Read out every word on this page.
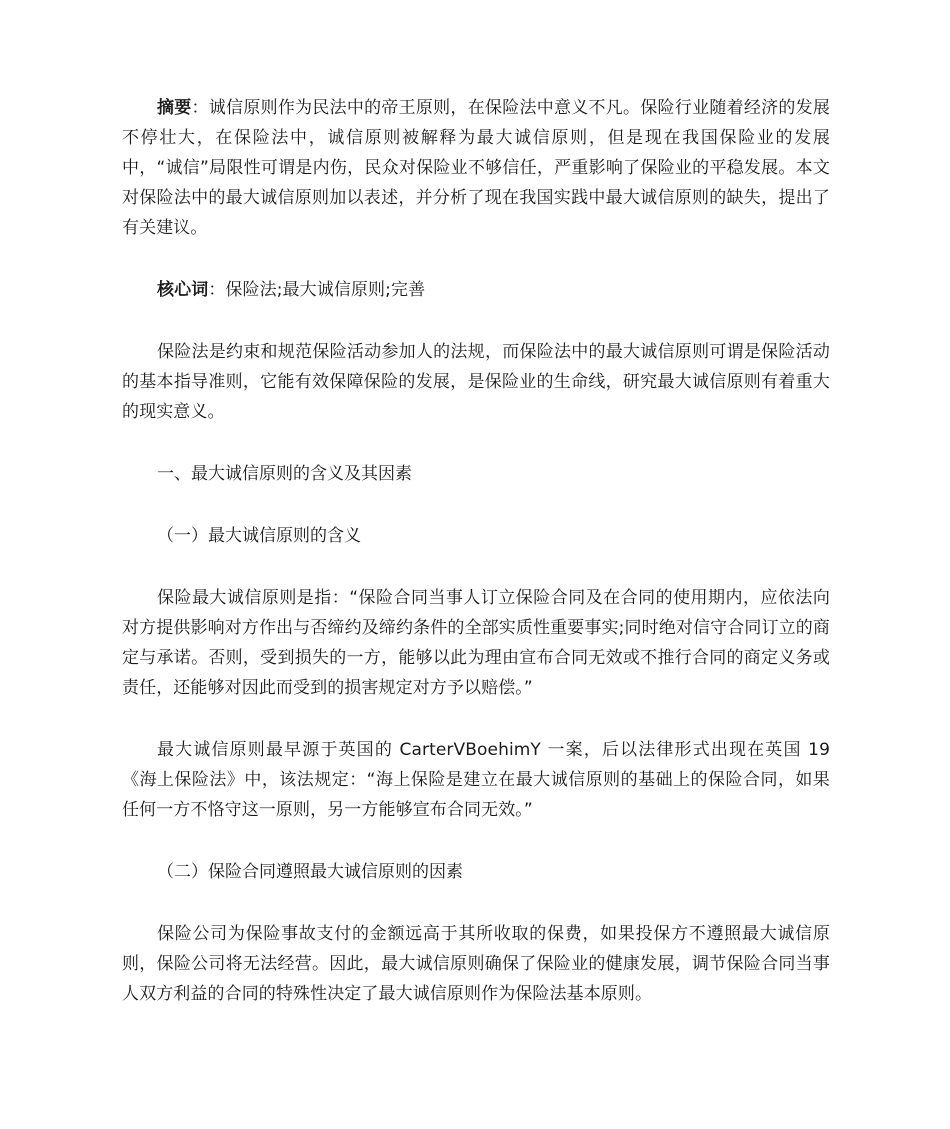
摘要：诚信原则作为民法中的帝王原则，在保险法中意义不凡。保险行业随着经济的发展不停壮大，在保险法中，诚信原则被解释为最大诚信原则，但是现在我国保险业的发展中，“诚信”局限性可谓是内伤，民众对保险业不够信任，严重影响了保险业的平稳发展。本文对保险法中的最大诚信原则加以表述，并分析了现在我国实践中最大诚信原则的缺失，提出了有关建议。

核心词：保险法;最大诚信原则;完善

保险法是约束和规范保险活动参加人的法规，而保险法中的最大诚信原则可谓是保险活动的基本指导准则，它能有效保障保险的发展，是保险业的生命线，研究最大诚信原则有着重大的现实意义。

一、最大诚信原则的含义及其因素

（一）最大诚信原则的含义

保险最大诚信原则是指：“保险合同当事人订立保险合同及在合同的使用期内，应依法向对方提供影响对方作出与否缔约及缔约条件的全部实质性重要事实;同时绝对信守合同订立的商定与承诺。否则，受到损失的一方，能够以此为理由宣布合同无效或不推行合同的商定义务或责任，还能够对因此而受到的损害规定对方予以赔偿。”

最大诚信原则最早源于英国的 CarterVBoehimY 一案，后以法律形式出现在英国 19《海上保险法》中，该法规定：“海上保险是建立在最大诚信原则的基础上的保险合同，如果任何一方不恪守这一原则，另一方能够宣布合同无效。”

（二）保险合同遵照最大诚信原则的因素

保险公司为保险事故支付的金额远高于其所收取的保费，如果投保方不遵照最大诚信原则，保险公司将无法经营。因此，最大诚信原则确保了保险业的健康发展，调节保险合同当事人双方利益的合同的特殊性决定了最大诚信原则作为保险法基本原则。
